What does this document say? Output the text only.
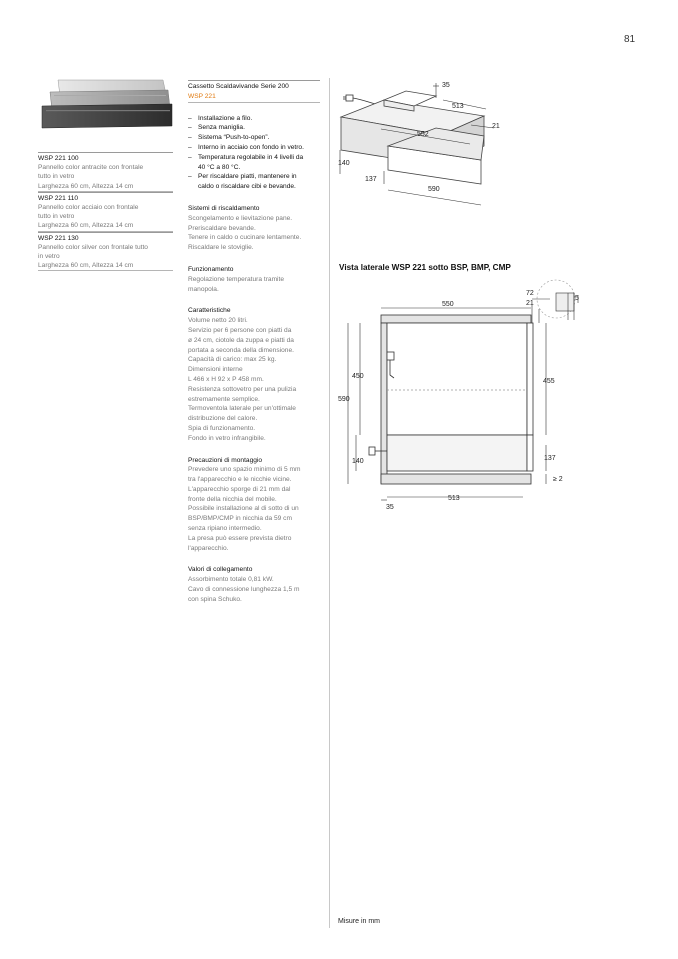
81
WSP 221 100
Pannello color antracite con frontale
tutto in vetro
Larghezza 60 cm, Altezza 14 cm
WSP 221 110
Pannello color acciaio con frontale
tutto in vetro
Larghezza 60 cm, Altezza 14 cm
WSP 221 130
Pannello color silver con frontale tutto
in vetro
Larghezza 60 cm, Altezza 14 cm
Cassetto Scaldavivande Serie 200
WSP 221
– Installazione a filo.
– Senza maniglia.
– Sistema “Push-to-open”.
– Interno in acciaio con fondo in vetro.
– Temperatura regolabile in 4 livelli da
40 °C a 80 °C.
– Per riscaldare piatti, mantenere in
caldo o riscaldare cibi e bevande.
Sistemi di riscaldamento
Scongelamento e lievitazione pane.
Preriscaldare bevande.
Tenere in caldo o cucinare lentamente.
Riscaldare le stoviglie.
Funzionamento
Regolazione temperatura tramite
manopola.
Caratteristiche
Volume netto 20 litri.
Servizio per 6 persone con piatti da
ø 24 cm, ciotole da zuppa e piatti da
portata a seconda della dimensione.
Capacità di carico: max 25 kg.
Dimensioni interne
L 466 x H 92 x P 458 mm.
Resistenza sottovetro per una pulizia
estremamente semplice.
Termoventola laterale per un'ottimale
distribuzione del calore.
Spia di funzionamento.
Fondo in vetro infrangibile.
Precauzioni di montaggio
Prevedere uno spazio minimo di 5 mm
tra l'apparecchio e le nicchie vicine.
L'apparecchio sporge di 21 mm dal
fronte della nicchia del mobile.
Possibile installazione al di sotto di un
BSP/BMP/CMP in nicchia da 59 cm
senza ripiano intermedio.
La presa può essere prevista dietro
l'apparecchio.
Valori di collegamento
Assorbimento totale 0,81 kW.
Cavo di connessione lunghezza 1,5 m
con spina Schuko.
35
513
21
552
140
137
590
Vista laterale WSP 221 sotto BSP, BMP, CMP
72
21
5
550
450
590
455
140	137
≥ 2
513
35
Misure in mm
